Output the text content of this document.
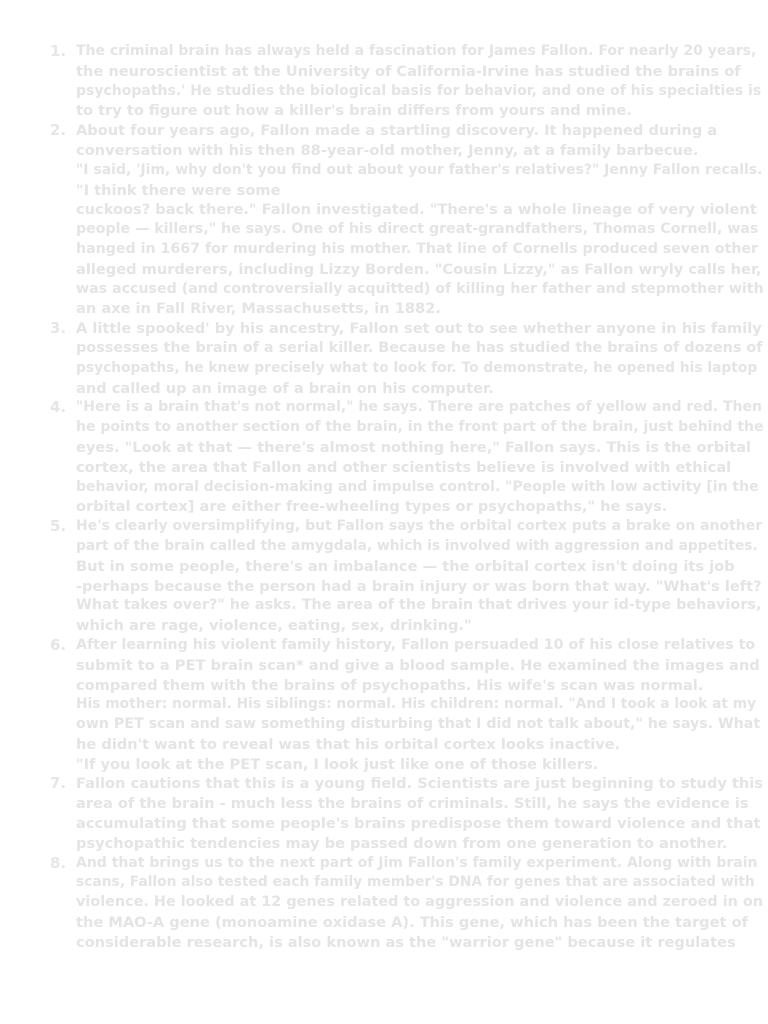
1. The criminal brain has always held a fascination for James Fallon. For nearly 20 years,
the neuroscientist at the University of California-Irvine has studied the brains of
psychopaths.' He studies the biological basis for behavior, and one of his specialties is
to try to figure out how a killer's brain differs from yours and mine.
2. About four years ago, Fallon made a startling discovery. It happened during a
conversation with his then 88-year-old mother, Jenny, at a family barbecue.
"I said, 'Jim, why don't you find out about your father's relatives?" Jenny Fallon recalls.
"I think there were some
cuckoos? back there." Fallon investigated. "There's a whole lineage of very violent
people — killers," he says. One of his direct great-grandfathers, Thomas Cornell, was
hanged in 1667 for murdering his mother. That line of Cornells produced seven other
alleged murderers, including Lizzy Borden. "Cousin Lizzy," as Fallon wryly calls her,
was accused (and controversially acquitted) of killing her father and stepmother with
an axe in Fall River, Massachusetts, in 1882.
3. A little spooked' by his ancestry, Fallon set out to see whether anyone in his family
possesses the brain of a serial killer. Because he has studied the brains of dozens of
psychopaths, he knew precisely what to look for. To demonstrate, he opened his laptop
and called up an image of a brain on his computer.
4. "Here is a brain that's not normal," he says. There are patches of yellow and red. Then
he points to another section of the brain, in the front part of the brain, just behind the
eyes. "Look at that — there's almost nothing here," Fallon says. This is the orbital
cortex, the area that Fallon and other scientists believe is involved with ethical
behavior, moral decision-making and impulse control. "People with low activity [in the
orbital cortex] are either free-wheeling types or psychopaths," he says.
5. He's clearly oversimplifying, but Fallon says the orbital cortex puts a brake on another
part of the brain called the amygdala, which is involved with aggression and appetites.
But in some people, there's an imbalance — the orbital cortex isn't doing its job
-perhaps because the person had a brain injury or was born that way. "What's left?
What takes over?" he asks. The area of the brain that drives your id-type behaviors,
which are rage, violence, eating, sex, drinking."
6. After learning his violent family history, Fallon persuaded 10 of his close relatives to
submit to a PET brain scan* and give a blood sample. He examined the images and
compared them with the brains of psychopaths. His wife's scan was normal.
His mother: normal. His siblings: normal. His children: normal. "And I took a look at my
own PET scan and saw something disturbing that I did not talk about," he says. What
he didn't want to reveal was that his orbital cortex looks inactive.
"If you look at the PET scan, I look just like one of those killers.
7. Fallon cautions that this is a young field. Scientists are just beginning to study this
area of the brain - much less the brains of criminals. Still, he says the evidence is
accumulating that some people's brains predispose them toward violence and that
psychopathic tendencies may be passed down from one generation to another.
8. And that brings us to the next part of Jim Fallon's family experiment. Along with brain
scans, Fallon also tested each family member's DNA for genes that are associated with
violence. He looked at 12 genes related to aggression and violence and zeroed in on
the MAO-A gene (monoamine oxidase A). This gene, which has been the target of
considerable research, is also known as the "warrior gene" because it regulates
